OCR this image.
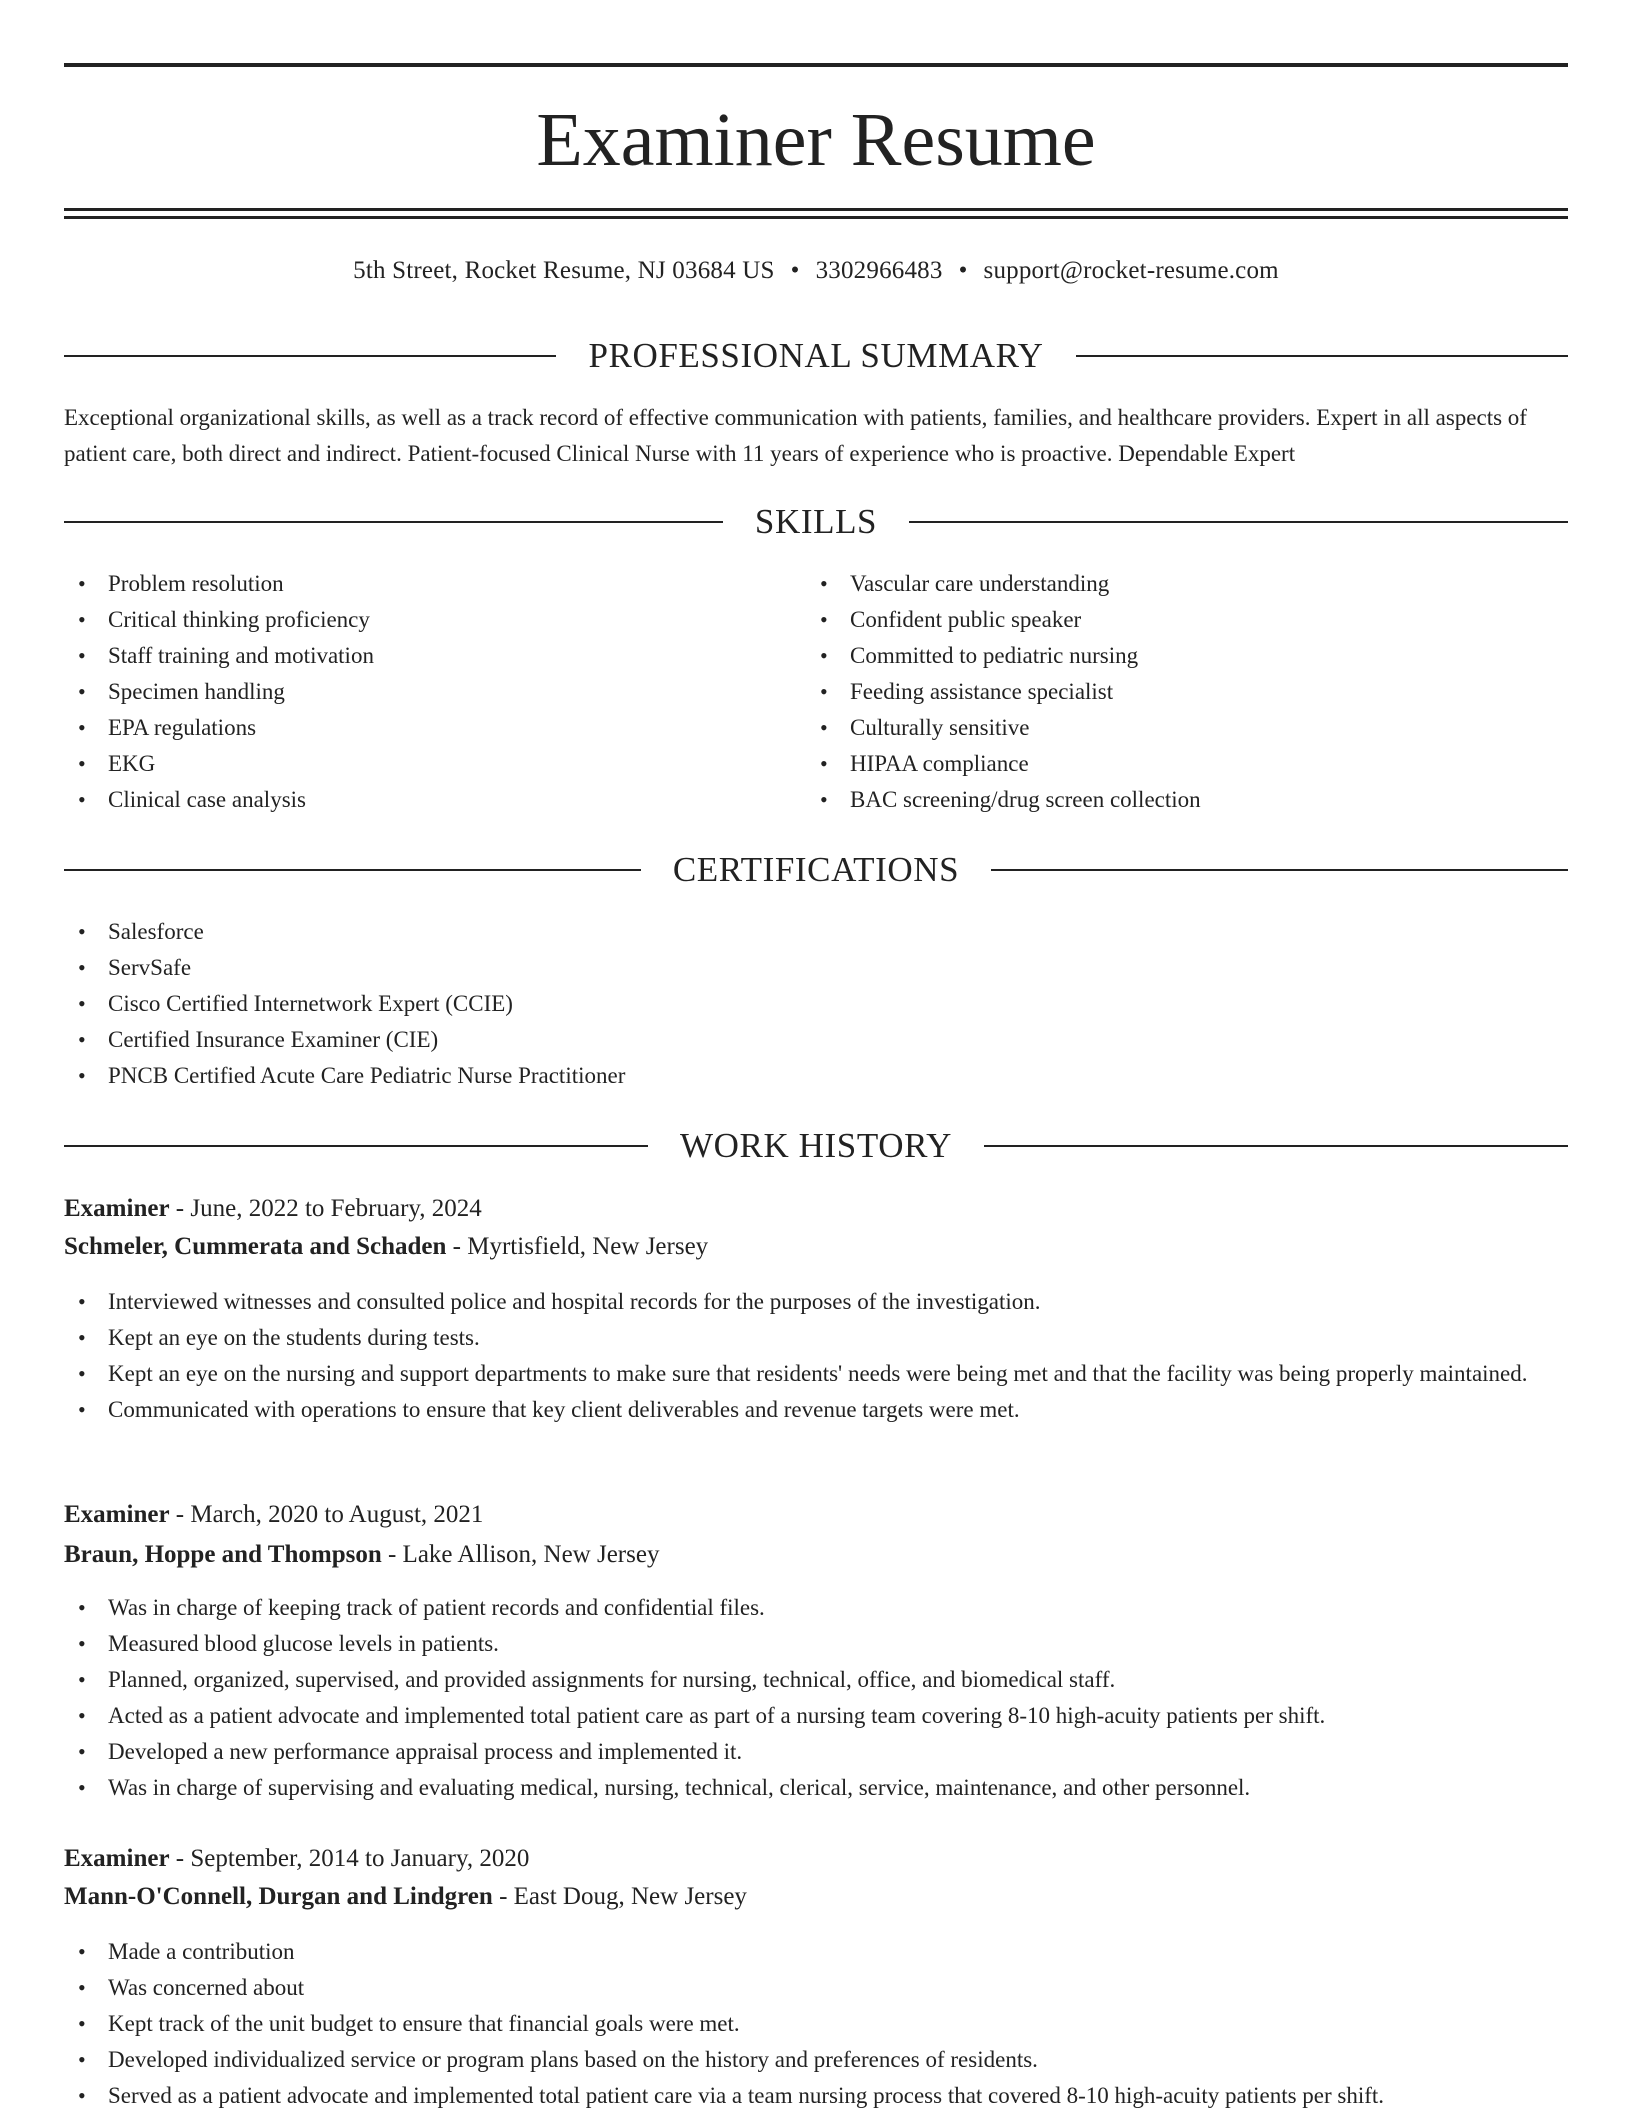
Examiner Resume
5th Street, Rocket Resume, NJ 03684 US • 3302966483 • support@rocket-resume.com
PROFESSIONAL SUMMARY

Exceptional organizational skills, as well as a track record of effective communication with patients, families, and healthcare providers. Expert in all aspects of patient care, both direct and indirect. Patient-focused Clinical Nurse with 11 years of experience who is proactive. Dependable Expert

SKILLS
• Problem resolution
• Critical thinking proficiency
• Staff training and motivation
• Specimen handling
• EPA regulations
• EKG
• Clinical case analysis
• Vascular care understanding
• Confident public speaker
• Committed to pediatric nursing
• Feeding assistance specialist
• Culturally sensitive
• HIPAA compliance
• BAC screening/drug screen collection
CERTIFICATIONS
• Salesforce
• ServSafe
• Cisco Certified Internetwork Expert (CCIE)
• Certified Insurance Examiner (CIE)
• PNCB Certified Acute Care Pediatric Nurse Practitioner
WORK HISTORY
Examiner - June, 2022 to February, 2024
Schmeler, Cummerata and Schaden - Myrtisfield, New Jersey
• Interviewed witnesses and consulted police and hospital records for the purposes of the investigation.
• Kept an eye on the students during tests.
• Kept an eye on the nursing and support departments to make sure that residents' needs were being met and that the facility was being properly maintained.
• Communicated with operations to ensure that key client deliverables and revenue targets were met.
Examiner - March, 2020 to August, 2021
Braun, Hoppe and Thompson - Lake Allison, New Jersey
• Was in charge of keeping track of patient records and confidential files.
• Measured blood glucose levels in patients.
• Planned, organized, supervised, and provided assignments for nursing, technical, office, and biomedical staff.
• Acted as a patient advocate and implemented total patient care as part of a nursing team covering 8-10 high-acuity patients per shift.
• Developed a new performance appraisal process and implemented it.
• Was in charge of supervising and evaluating medical, nursing, technical, clerical, service, maintenance, and other personnel.
Examiner - September, 2014 to January, 2020
Mann-O'Connell, Durgan and Lindgren - East Doug, New Jersey
• Made a contribution
• Was concerned about
• Kept track of the unit budget to ensure that financial goals were met.
• Developed individualized service or program plans based on the history and preferences of residents.
• Served as a patient advocate and implemented total patient care via a team nursing process that covered 8-10 high-acuity patients per shift.
